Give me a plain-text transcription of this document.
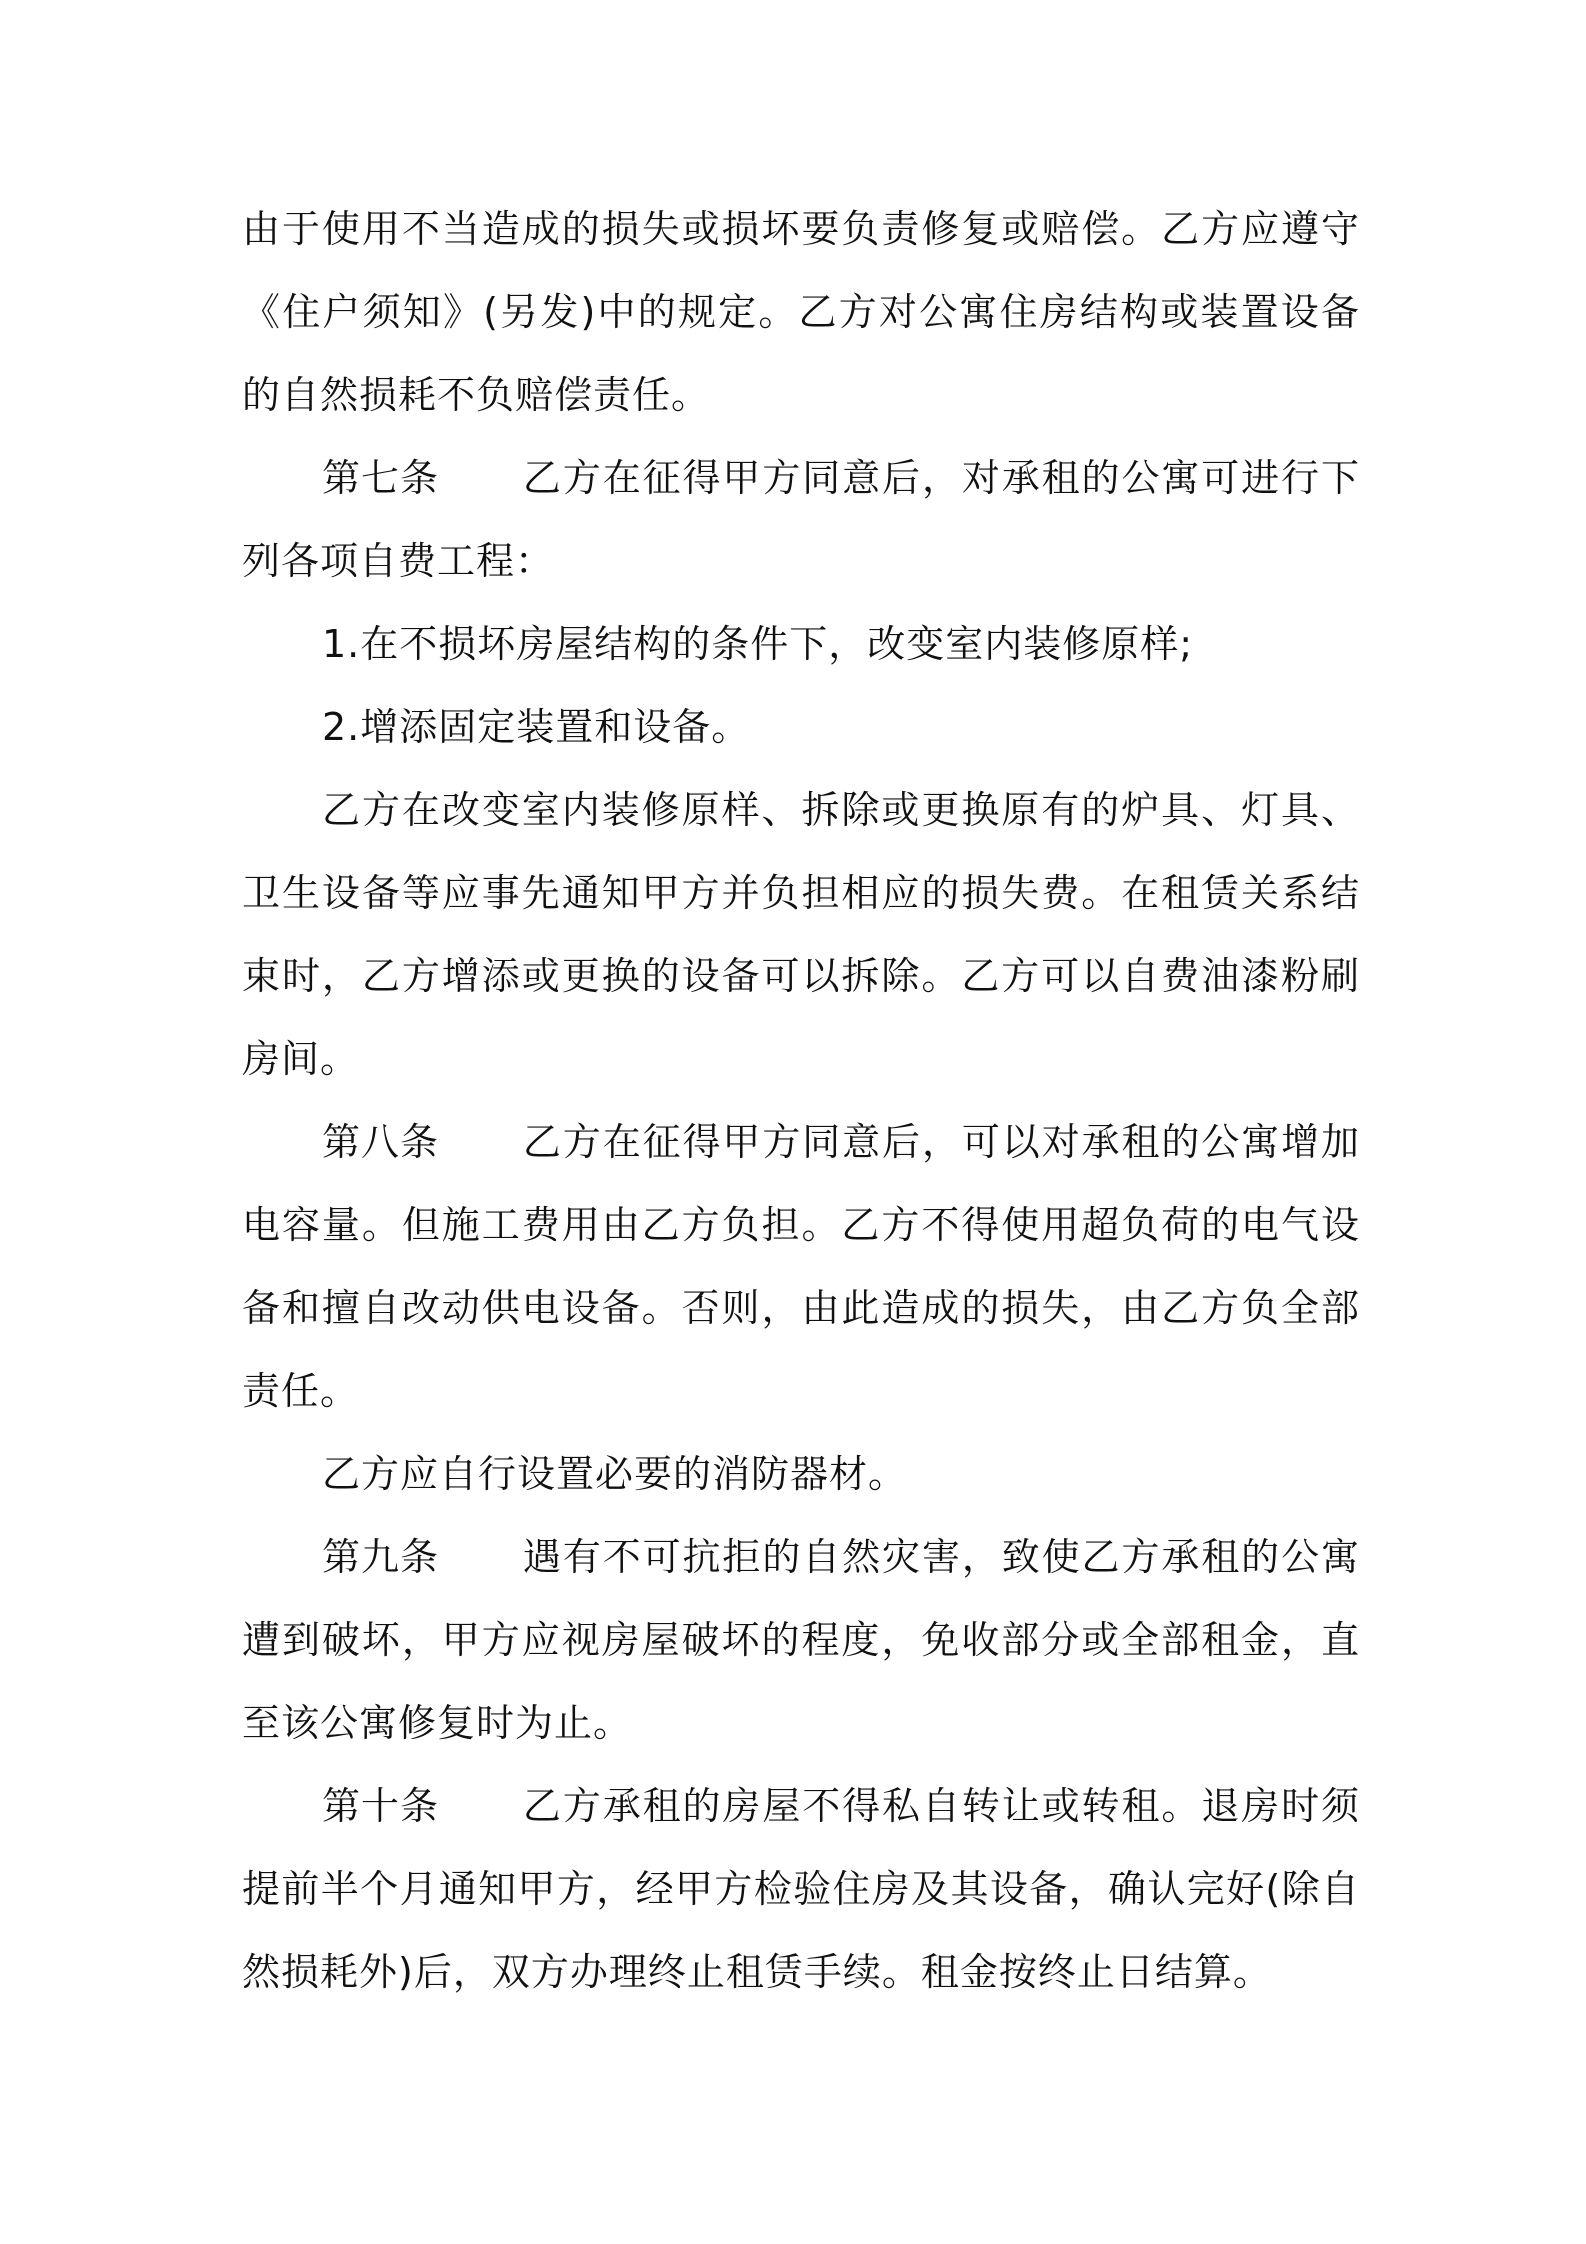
由于使用不当造成的损失或损坏要负责修复或赔偿。乙方应遵守《住户须知》(另发)中的规定。乙方对公寓住房结构或装置设备的自然损耗不负赔偿责任。

第七条 乙方在征得甲方同意后，对承租的公寓可进行下列各项自费工程：

1.在不损坏房屋结构的条件下，改变室内装修原样;

2.增添固定装置和设备。

乙方在改变室内装修原样、拆除或更换原有的炉具、灯具、卫生设备等应事先通知甲方并负担相应的损失费。在租赁关系结束时，乙方增添或更换的设备可以拆除。乙方可以自费油漆粉刷房间。

第八条 乙方在征得甲方同意后，可以对承租的公寓增加电容量。但施工费用由乙方负担。乙方不得使用超负荷的电气设备和擅自改动供电设备。否则，由此造成的损失，由乙方负全部责任。

乙方应自行设置必要的消防器材。

第九条 遇有不可抗拒的自然灾害，致使乙方承租的公寓遭到破坏，甲方应视房屋破坏的程度，免收部分或全部租金，直至该公寓修复时为止。

第十条 乙方承租的房屋不得私自转让或转租。退房时须提前半个月通知甲方，经甲方检验住房及其设备，确认完好(除自然损耗外)后，双方办理终止租赁手续。租金按终止日结算。
